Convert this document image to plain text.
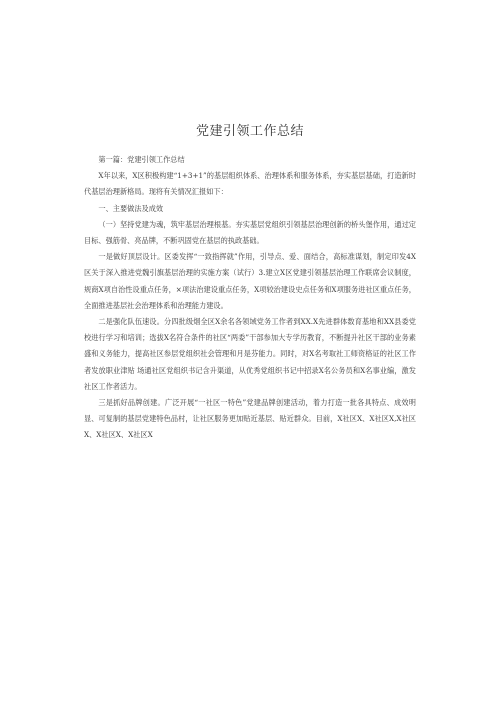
党建引领工作总结

第一篇：党建引领工作总结

X年以来，X区积极构建“1+3+1”的基层组织体系、治理体系和服务体系，夯实基层基础，打造新时代基层治理新格局。现将有关情况汇报如下：

一、主要做法及成效

（一）坚持党建为魂，筑牢基层治理根基。夯实基层党组织引领基层治理创新的桥头堡作用，通过定目标、强筋骨、亮品牌，不断巩固党在基层的执政基础。

一是做好顶层设计。区委发挥“一致指挥就”作用，引导点、爱、面结合，高标准谋划，制定印发4X区关于深入推进党魏引旗基层治理的实施方案（试行）3.建立X区党建引领基层治理工作联席会议制度，规商X项自治性设重点任务，×项法治建设重点任务，X项较治建设史点任务和X项服务进社区重点任务，全面推进基层社会治理体系和治理能力建设。

二是强化队伍速设。分四批级烟全区X余名各领域党务工作者到XX.X先进群体数育基地和XX县委党校进行学习和培训；选拔X名符合条件的社区“两委”干部参加大专学历教育，不断提升社区干部的业务素盛和义务能力，提高社区参层党组织社会管理和月是芬能力。同时，对X名考取社工师资格证的社区工作者发放职业津贴 场通社区党组织书记含升渠道，从优秀党组织书记中招录X名公务员和X名事业编，激发社区工作者活力。

三是抓好品牌创建。广泛开展“一社区一特色”党建品牌创建活动，着力打造一批各具特点、成效明显、可复制的基层党建特色品村，让社区服务更加贴近基层、贴近群众。目前，X社区X、X社区X,X社区X、X社区X、X社区X
